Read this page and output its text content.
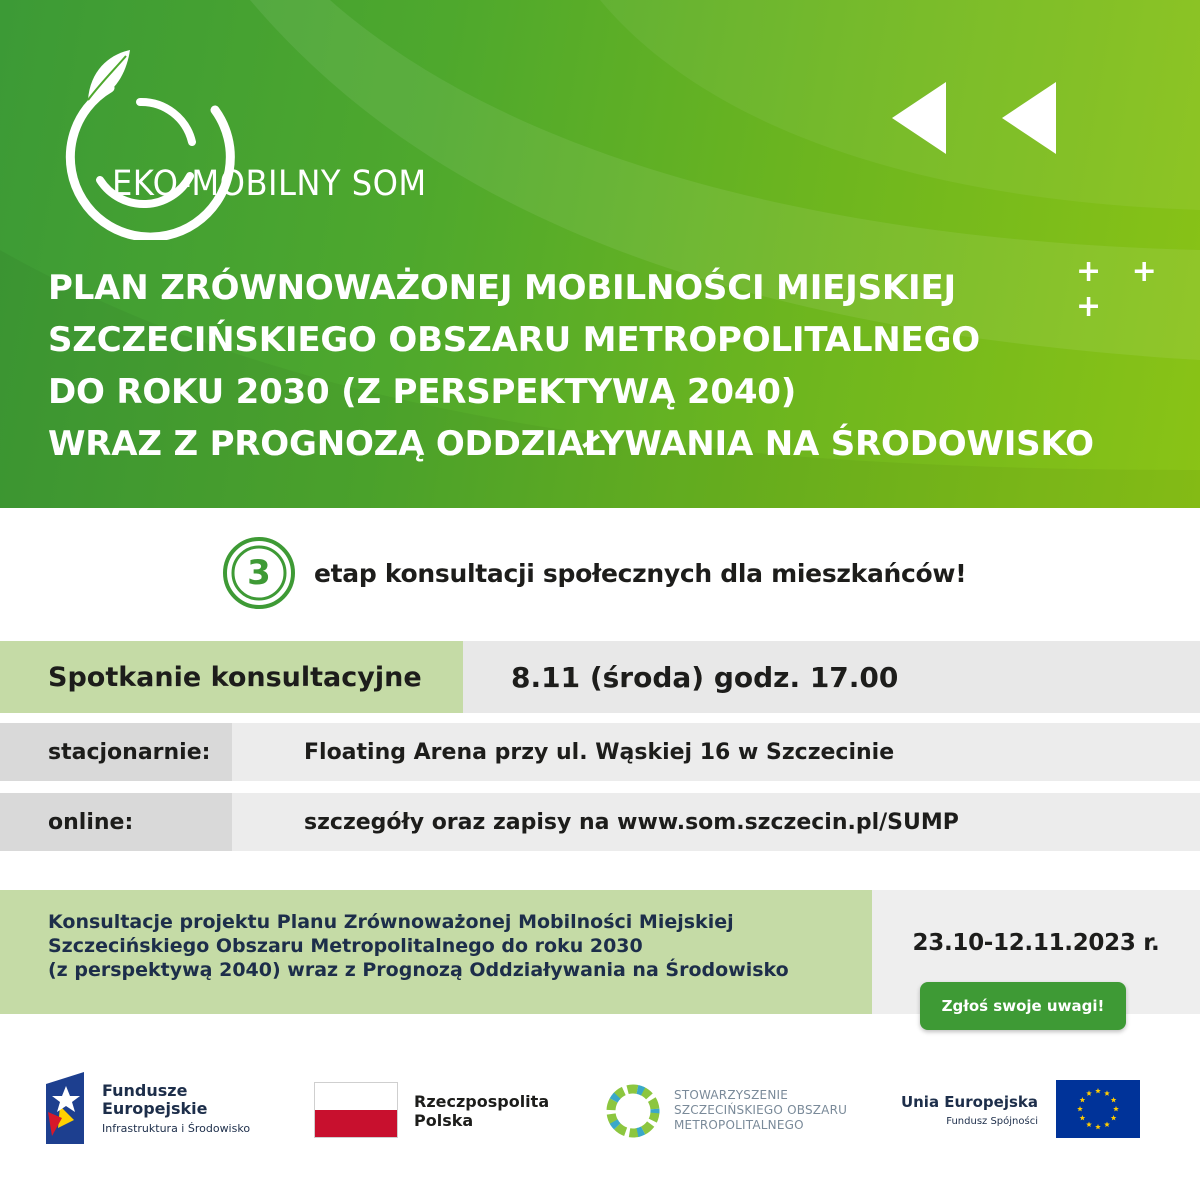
EKO-MOBILNY SOM
+ + +
PLAN ZRÓWNOWAŻONEJ MOBILNOŚCI MIEJSKIEJ
SZCZECIŃSKIEGO OBSZARU METROPOLITALNEGO
DO ROKU 2030 (Z PERSPEKTYWĄ 2040)
WRAZ Z PROGNOZĄ ODDZIAŁYWANIA NA ŚRODOWISKO
3	etap konsultacji społecznych dla mieszkańców!
Spotkanie konsultacyjne	8.11 (środa) godz. 17.00
stacjonarnie:	Floating Arena przy ul. Wąskiej 16 w Szczecinie
online:	szczegóły oraz zapisy na www.som.szczecin.pl/SUMP
Konsultacje projektu Planu Zrównoważonej Mobilności Miejskiej
Szczecińskiego Obszaru Metropolitalnego do roku 2030
(z perspektywą 2040) wraz z Prognozą Oddziaływania na Środowisko
23.10-12.11.2023 r.
Zgłoś swoje uwagi!
Fundusze
Europejskie
Infrastruktura i Środowisko
Rzeczpospolita
Polska
STOWARZYSZENIE
SZCZECIŃSKIEGO OBSZARU
METROPOLITALNEGO
Unia Europejska
Fundusz Spójności
